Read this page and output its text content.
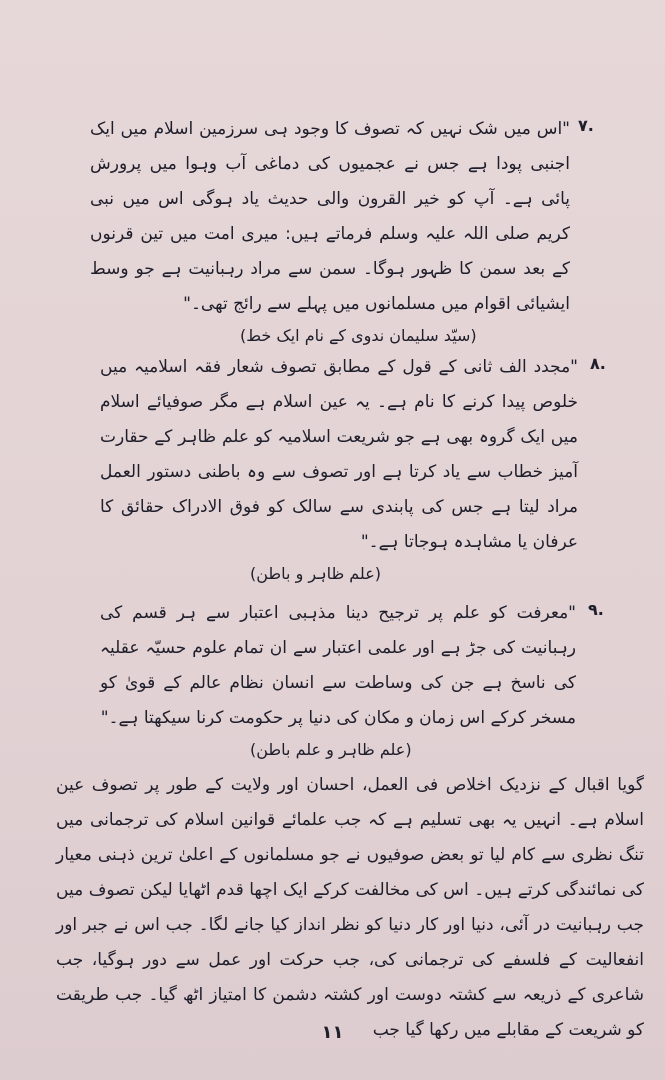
۷.
"اس میں شک نہیں کہ تصوف کا وجود ہی سرزمین اسلام میں ایک اجنبی پودا ہے جس نے عجمیوں کی دماغی آب وہوا میں پرورش پائی ہے۔ آپ کو خیر القرون والی حدیث یاد ہوگی اس میں نبی کریم صلی اللہ علیہ وسلم فرماتے ہیں: میری امت میں تین قرنوں کے بعد سمن کا ظہور ہوگا۔ سمن سے مراد رہبانیت ہے جو وسط ایشیائی اقوام میں مسلمانوں میں پہلے سے رائج تھی۔"
(سیّد سلیمان ندوی کے نام ایک خط)
۸.
"مجدد الف ثانی کے قول کے مطابق تصوف شعار فقہ اسلامیہ میں خلوص پیدا کرنے کا نام ہے۔ یہ عین اسلام ہے مگر صوفیائے اسلام میں ایک گروہ بھی ہے جو شریعت اسلامیہ کو علم ظاہر کے حقارت آمیز خطاب سے یاد کرتا ہے اور تصوف سے وہ باطنی دستور العمل مراد لیتا ہے جس کی پابندی سے سالک کو فوق الادراک حقائق کا عرفان یا مشاہدہ ہوجاتا ہے۔"
(علم ظاہر و باطن)
۹.
"معرفت کو علم پر ترجیح دینا مذہبی اعتبار سے ہر قسم کی رہبانیت کی جڑ ہے اور علمی اعتبار سے ان تمام علوم حسیّہ عقلیہ کی ناسخ ہے جن کی وساطت سے انسان نظام عالم کے قویٰ کو مسخر کرکے اس زمان و مکان کی دنیا پر حکومت کرنا سیکھتا ہے۔"
(علم ظاہر و علم باطن)
گویا اقبال کے نزدیک اخلاص فی العمل، احسان اور ولایت کے طور پر تصوف عین اسلام ہے۔ انہیں یہ بھی تسلیم ہے کہ جب علمائے قوانین اسلام کی ترجمانی میں تنگ نظری سے کام لیا تو بعض صوفیوں نے جو مسلمانوں کے اعلیٰ ترین ذہنی معیار کی نمائندگی کرتے ہیں۔ اس کی مخالفت کرکے ایک اچھا قدم اٹھایا لیکن تصوف میں جب رہبانیت در آئی، دنیا اور کار دنیا کو نظر انداز کیا جانے لگا۔ جب اس نے جبر اور انفعالیت کے فلسفے کی ترجمانی کی، جب حرکت اور عمل سے دور ہوگیا، جب شاعری کے ذریعہ سے کشتہ دوست اور کشتہ دشمن کا امتیاز اٹھ گیا۔ جب طریقت کو شریعت کے مقابلے میں رکھا گیا جب
۱۱
